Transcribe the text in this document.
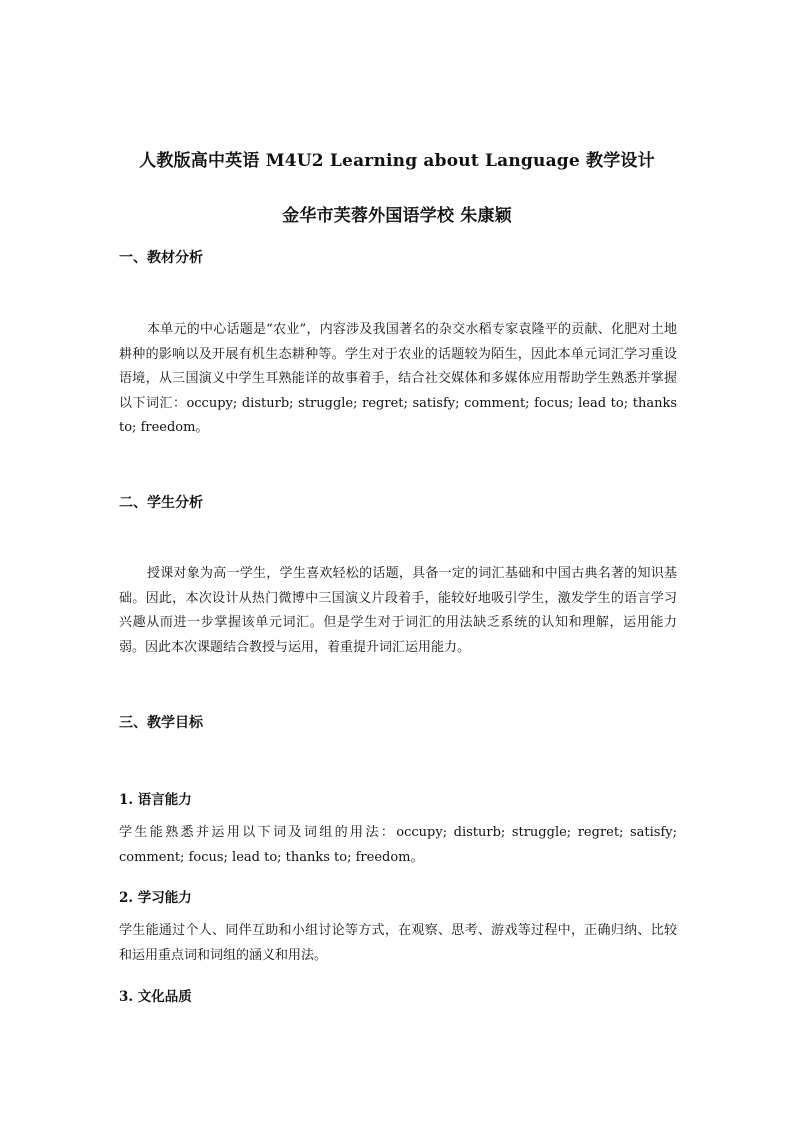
人教版高中英语 M4U2 Learning about Language 教学设计
金华市芙蓉外国语学校 朱康颖
一、教材分析
本单元的中心话题是“农业”，内容涉及我国著名的杂交水稻专家袁隆平的贡献、化肥对土地耕种的影响以及开展有机生态耕种等。学生对于农业的话题较为陌生，因此本单元词汇学习重设语境，从三国演义中学生耳熟能详的故事着手，结合社交媒体和多媒体应用帮助学生熟悉并掌握以下词汇：occupy; disturb; struggle; regret; satisfy; comment; focus; lead to; thanks to; freedom。
二、学生分析
授课对象为高一学生，学生喜欢轻松的话题，具备一定的词汇基础和中国古典名著的知识基础。因此，本次设计从热门微博中三国演义片段着手，能较好地吸引学生，激发学生的语言学习兴趣从而进一步掌握该单元词汇。但是学生对于词汇的用法缺乏系统的认知和理解，运用能力弱。因此本次课题结合教授与运用，着重提升词汇运用能力。
三、教学目标
1. 语言能力
学生能熟悉并运用以下词及词组的用法：occupy; disturb; struggle; regret; satisfy; comment; focus; lead to; thanks to; freedom。
2. 学习能力
学生能通过个人、同伴互助和小组讨论等方式，在观察、思考、游戏等过程中，正确归纳、比较和运用重点词和词组的涵义和用法。
3. 文化品质
